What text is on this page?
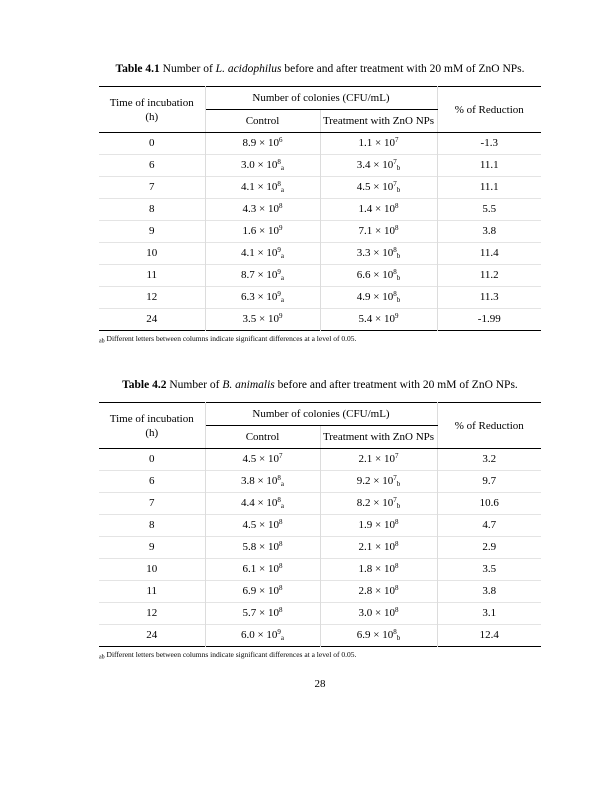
Table 4.1 Number of L. acidophilus before and after treatment with 20 mM of ZnO NPs.

Time of incubation
(h)	Number of colonies (CFU/mL)		% of Reduction
	Control	Treatment with ZnO NPs	
0	$8.9 \times 10^6$	$1.1 \times 10^7$	-1.3
6	$3.0 \times 10^8_a$	$3.4 \times 10^7_b$	11.1
7	$4.1 \times 10^8_a$	$4.5 \times 10^7_b$	11.1
8	$4.3 \times 10^8$	$1.4 \times 10^8$	5.5
9	$1.6 \times 10^9$	$7.1 \times 10^8$	3.8
10	$4.1 \times 10^9_a$	$3.3 \times 10^8_b$	11.4
11	$8.7 \times 10^9_a$	$6.6 \times 10^8_b$	11.2
12	$6.3 \times 10^9_a$	$4.9 \times 10^8_b$	11.3
24	$3.5 \times 10^9$	$5.4 \times 10^9$	-1.99

$_{ab}$ Different letters between columns indicate significant differences at a level of 0.05.

Table 4.2 Number of B. animalis before and after treatment with 20 mM of ZnO NPs.

Time of incubation
(h)	Number of colonies (CFU/mL)		% of Reduction
	Control	Treatment with ZnO NPs	
0	$4.5 \times 10^7$	$2.1 \times 10^7$	3.2
6	$3.8 \times 10^8_a$	$9.2 \times 10^7_b$	9.7
7	$4.4 \times 10^8_a$	$8.2 \times 10^7_b$	10.6
8	$4.5 \times 10^8$	$1.9 \times 10^8$	4.7
9	$5.8 \times 10^8$	$2.1 \times 10^8$	2.9
10	$6.1 \times 10^8$	$1.8 \times 10^8$	3.5
11	$6.9 \times 10^8$	$2.8 \times 10^8$	3.8
12	$5.7 \times 10^8$	$3.0 \times 10^8$	3.1
24	$6.0 \times 10^9_a$	$6.9 \times 10^8_b$	12.4

$_{ab}$ Different letters between columns indicate significant differences at a level of 0.05.

28
